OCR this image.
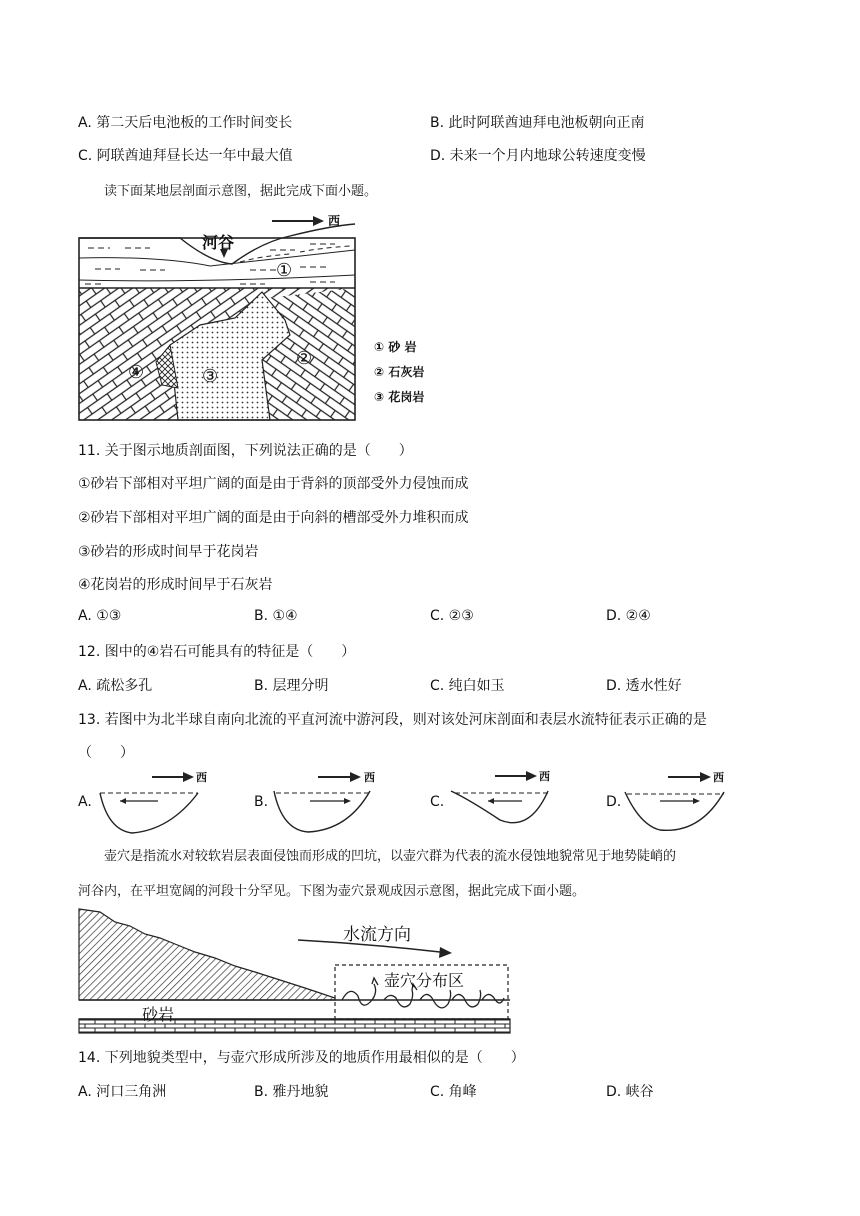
A. 第二天后电池板的工作时间变长	B. 此时阿联酋迪拜电池板朝向正南
C. 阿联酋迪拜昼长达一年中最大值	D. 未来一个月内地球公转速度变慢
读下面某地层剖面示意图，据此完成下面小题。
西
河谷
①
②
③
④
① 砂 岩
② 石灰岩
③ 花岗岩
11. 关于图示地质剖面图，下列说法正确的是（　　）
①砂岩下部相对平坦广阔的面是由于背斜的顶部受外力侵蚀而成
②砂岩下部相对平坦广阔的面是由于向斜的槽部受外力堆积而成
③砂岩的形成时间早于花岗岩
④花岗岩的形成时间早于石灰岩
A. ①③	B. ①④	C. ②③	D. ②④
12. 图中的④岩石可能具有的特征是（　　）
A. 疏松多孔	B. 层理分明	C. 纯白如玉	D. 透水性好
13. 若图中为北半球自南向北流的平直河流中游河段，则对该处河床剖面和表层水流特征表示正确的是
（　　）
A.	B.	C.	D.
西	西	西	西
壶穴是指流水对较软岩层表面侵蚀而形成的凹坑，以壶穴群为代表的流水侵蚀地貌常见于地势陡峭的
河谷内，在平坦宽阔的河段十分罕见。下图为壶穴景观成因示意图，据此完成下面小题。
水流方向
壶穴分布区
砂岩
14. 下列地貌类型中，与壶穴形成所涉及的地质作用最相似的是（　　）
A. 河口三角洲	B. 雅丹地貌	C. 角峰	D. 峡谷
